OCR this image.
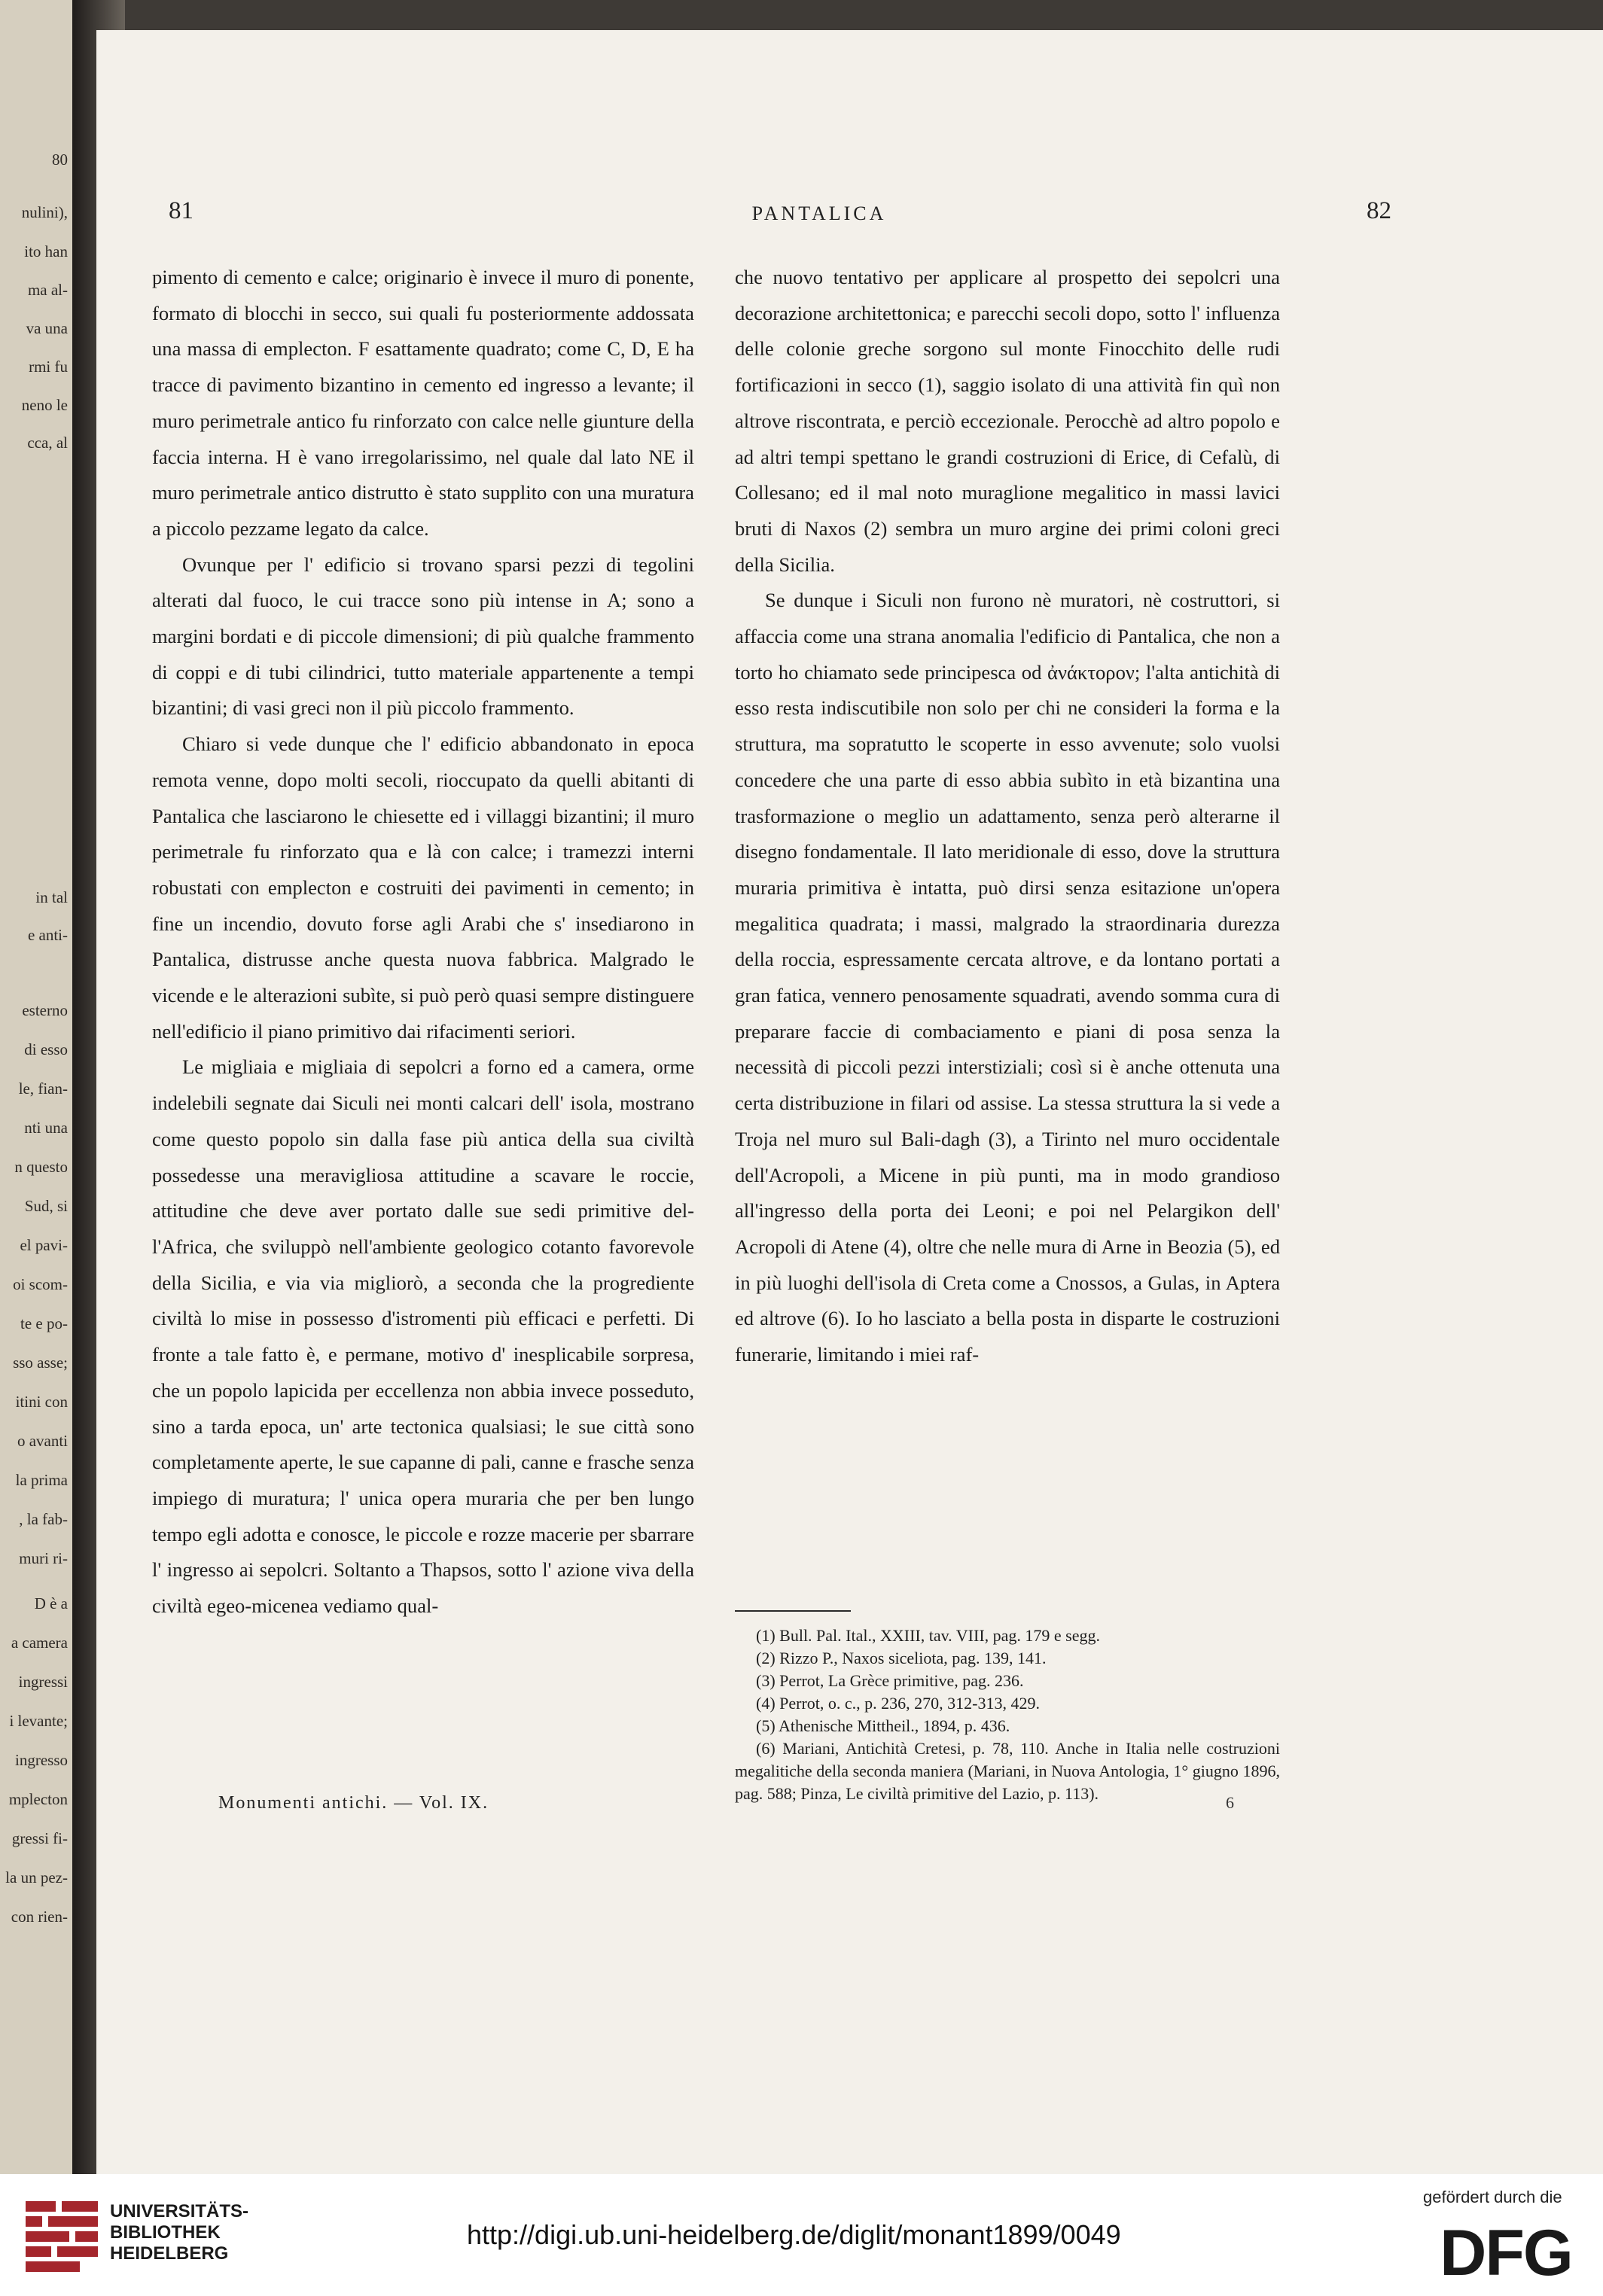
80
nulini),
ito han
ma al-
va una
rmi fu
neno le
cca, al
in tal
e anti-
esterno
di esso
le, fian-
nti una
n questo
Sud, si
el pavi-
oi scom-
te e po-
sso asse;
itini con
o avanti
la prima
, la fab-
muri ri-
D è a
a camera
ingressi
i levante;
ingresso
mplecton
gressi fi-
la un pez-
con rien-
81	PANTALICA	82

pimento di cemento e calce; originario è invece il muro di ponente, formato di blocchi in secco, sui quali fu posteriormente addossata una massa di emplecton. F esattamente quadrato; come C, D, E ha tracce di pavimento bizantino in cemento ed ingresso a levante; il muro perimetrale antico fu rinforzato con calce nelle giunture della faccia interna. H è vano irregolarissimo, nel quale dal lato NE il muro perimetrale antico distrutto è stato supplito con una muratura a piccolo pezzame legato da calce.

Ovunque per l' edificio si trovano sparsi pezzi di tegolini alterati dal fuoco, le cui tracce sono più intense in A; sono a margini bordati e di piccole dimensioni; di più qualche frammento di coppi e di tubi cilindrici, tutto materiale appartenente a tempi bizantini; di vasi greci non il più piccolo frammento.

Chiaro si vede dunque che l' edificio abbandonato in epoca remota venne, dopo molti secoli, rioccupato da quelli abitanti di Pantalica che lasciarono le chiesette ed i villaggi bizantini; il muro perimetrale fu rinforzato qua e là con calce; i tramezzi interni robustati con emplecton e costruiti dei pavimenti in cemento; in fine un incendio, dovuto forse agli Arabi che s' insediarono in Pantalica, distrusse anche questa nuova fabbrica. Malgrado le vicende e le alterazioni subìte, si può però quasi sempre distinguere nell'edificio il piano primitivo dai rifacimenti seriori.

Le migliaia e migliaia di sepolcri a forno ed a camera, orme indelebili segnate dai Siculi nei monti calcari dell' isola, mostrano come questo popolo sin dalla fase più antica della sua civiltà possedesse una meravigliosa attitudine a scavare le roccie, attitudine che deve aver portato dalle sue sedi primitive del-l'Africa, che sviluppò nell'ambiente geologico cotanto favorevole della Sicilia, e via via migliorò, a seconda che la progrediente civiltà lo mise in possesso d'istromenti più efficaci e perfetti. Di fronte a tale fatto è, e permane, motivo d' inesplicabile sorpresa, che un popolo lapicida per eccellenza non abbia invece posseduto, sino a tarda epoca, un' arte tectonica qualsiasi; le sue città sono completamente aperte, le sue capanne di pali, canne e frasche senza impiego di muratura; l' unica opera muraria che per ben lungo tempo egli adotta e conosce, le piccole e rozze macerie per sbarrare l' ingresso ai sepolcri. Soltanto a Thapsos, sotto l' azione viva della civiltà egeo-micenea vediamo qual-

che nuovo tentativo per applicare al prospetto dei sepolcri una decorazione architettonica; e parecchi secoli dopo, sotto l' influenza delle colonie greche sorgono sul monte Finocchito delle rudi fortificazioni in secco (1), saggio isolato di una attività fin quì non altrove riscontrata, e perciò eccezionale. Perocchè ad altro popolo e ad altri tempi spettano le grandi costruzioni di Erice, di Cefalù, di Collesano; ed il mal noto muraglione megalitico in massi lavici bruti di Naxos (2) sembra un muro argine dei primi coloni greci della Sicilia.

Se dunque i Siculi non furono nè muratori, nè costruttori, si affaccia come una strana anomalia l'edificio di Pantalica, che non a torto ho chiamato sede principesca od ἀνάκτορον; l'alta antichità di esso resta indiscutibile non solo per chi ne consideri la forma e la struttura, ma sopratutto le scoperte in esso avvenute; solo vuolsi concedere che una parte di esso abbia subìto in età bizantina una trasformazione o meglio un adattamento, senza però alterarne il disegno fondamentale. Il lato meridionale di esso, dove la struttura muraria primitiva è intatta, può dirsi senza esitazione un'opera megalitica quadrata; i massi, malgrado la straordinaria durezza della roccia, espressamente cercata altrove, e da lontano portati a gran fatica, vennero penosamente squadrati, avendo somma cura di preparare faccie di combaciamento e piani di posa senza la necessità di piccoli pezzi interstiziali; così si è anche ottenuta una certa distribuzione in filari od assise. La stessa struttura la si vede a Troja nel muro sul Bali-dagh (3), a Tirinto nel muro occidentale dell'Acropoli, a Micene in più punti, ma in modo grandioso all'ingresso della porta dei Leoni; e poi nel Pelargikon dell' Acropoli di Atene (4), oltre che nelle mura di Arne in Beozia (5), ed in più luoghi dell'isola di Creta come a Cnossos, a Gulas, in Aptera ed altrove (6). Io ho lasciato a bella posta in disparte le costruzioni funerarie, limitando i miei raf-

(1) Bull. Pal. Ital., XXIII, tav. VIII, pag. 179 e segg.
(2) Rizzo P., Naxos siceliota, pag. 139, 141.
(3) Perrot, La Grèce primitive, pag. 236.
(4) Perrot, o. c., p. 236, 270, 312-313, 429.
(5) Athenische Mittheil., 1894, p. 436.
(6) Mariani, Antichità Cretesi, p. 78, 110. Anche in Italia nelle costruzioni megalitiche della seconda maniera (Mariani, in Nuova Antologia, 1° giugno 1896, pag. 588; Pinza, Le civiltà primitive del Lazio, p. 113).
Monumenti antichi. — Vol. IX.	6
UNIVERSITÄTS-
BIBLIOTHEK
HEIDELBERG
http://digi.ub.uni-heidelberg.de/diglit/monant1899/0049
gefördert durch die
DFG
